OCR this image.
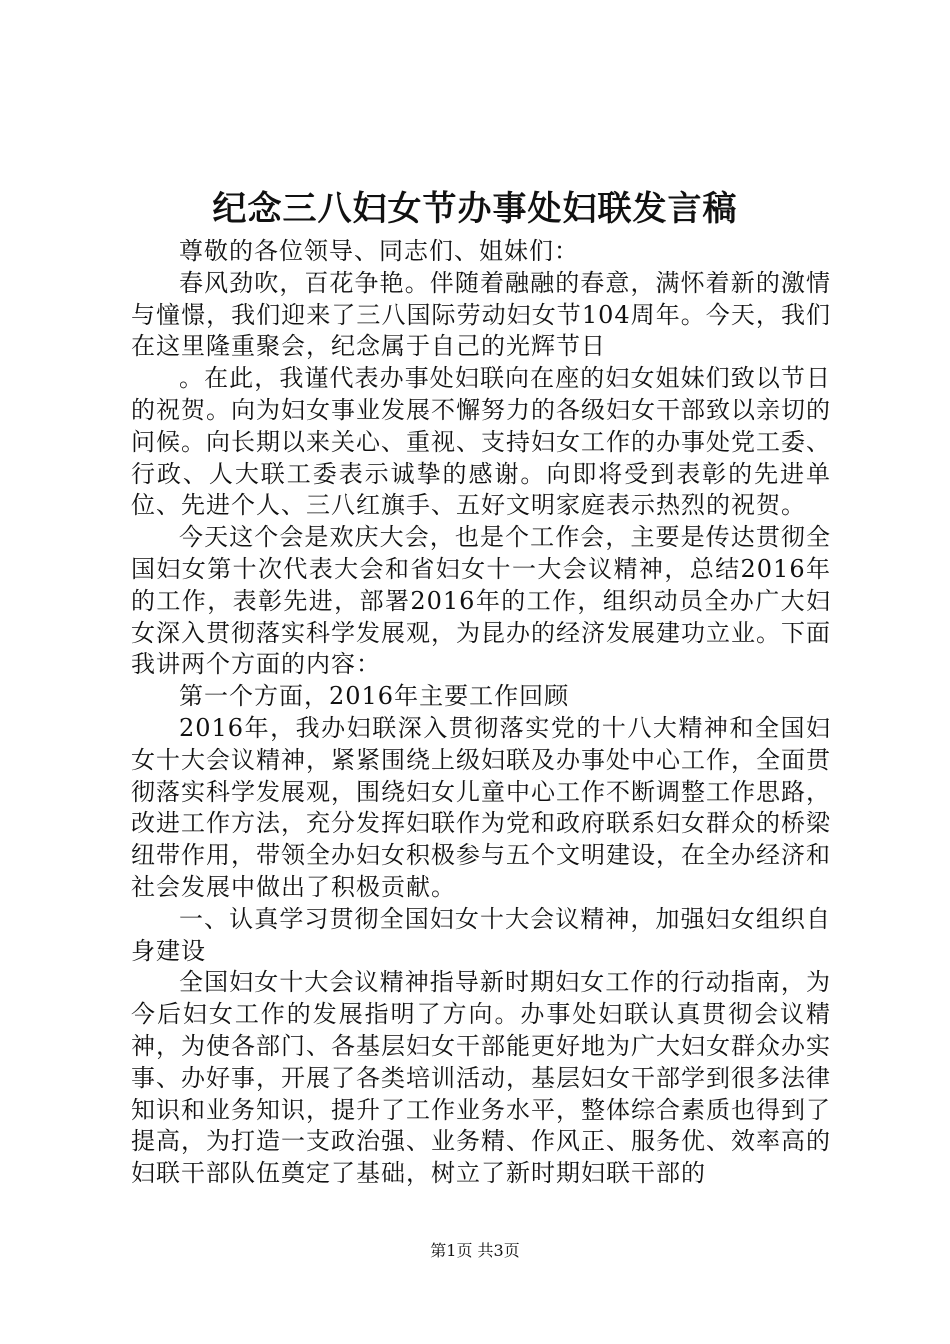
纪念三八妇女节办事处妇联发言稿

尊敬的各位领导、同志们、姐妹们：

春风劲吹，百花争艳。伴随着融融的春意，满怀着新的激情与憧憬，我们迎来了三八国际劳动妇女节104周年。今天，我们在这里隆重聚会，纪念属于自己的光辉节日

。在此，我谨代表办事处妇联向在座的妇女姐妹们致以节日的祝贺。向为妇女事业发展不懈努力的各级妇女干部致以亲切的问候。向长期以来关心、重视、支持妇女工作的办事处党工委、行政、人大联工委表示诚挚的感谢。向即将受到表彰的先进单位、先进个人、三八红旗手、五好文明家庭表示热烈的祝贺。

今天这个会是欢庆大会，也是个工作会，主要是传达贯彻全国妇女第十次代表大会和省妇女十一大会议精神，总结2016年的工作，表彰先进，部署2016年的工作，组织动员全办广大妇女深入贯彻落实科学发展观，为昆办的经济发展建功立业。下面我讲两个方面的内容：

第一个方面，2016年主要工作回顾

2016年，我办妇联深入贯彻落实党的十八大精神和全国妇女十大会议精神，紧紧围绕上级妇联及办事处中心工作，全面贯彻落实科学发展观，围绕妇女儿童中心工作不断调整工作思路，改进工作方法，充分发挥妇联作为党和政府联系妇女群众的桥梁纽带作用，带领全办妇女积极参与五个文明建设，在全办经济和社会发展中做出了积极贡献。

一、认真学习贯彻全国妇女十大会议精神，加强妇女组织自身建设

全国妇女十大会议精神指导新时期妇女工作的行动指南，为今后妇女工作的发展指明了方向。办事处妇联认真贯彻会议精神，为使各部门、各基层妇女干部能更好地为广大妇女群众办实事、办好事，开展了各类培训活动，基层妇女干部学到很多法律知识和业务知识，提升了工作业务水平，整体综合素质也得到了提高，为打造一支政治强、业务精、作风正、服务优、效率高的妇联干部队伍奠定了基础，树立了新时期妇联干部的

第1页 共3页
